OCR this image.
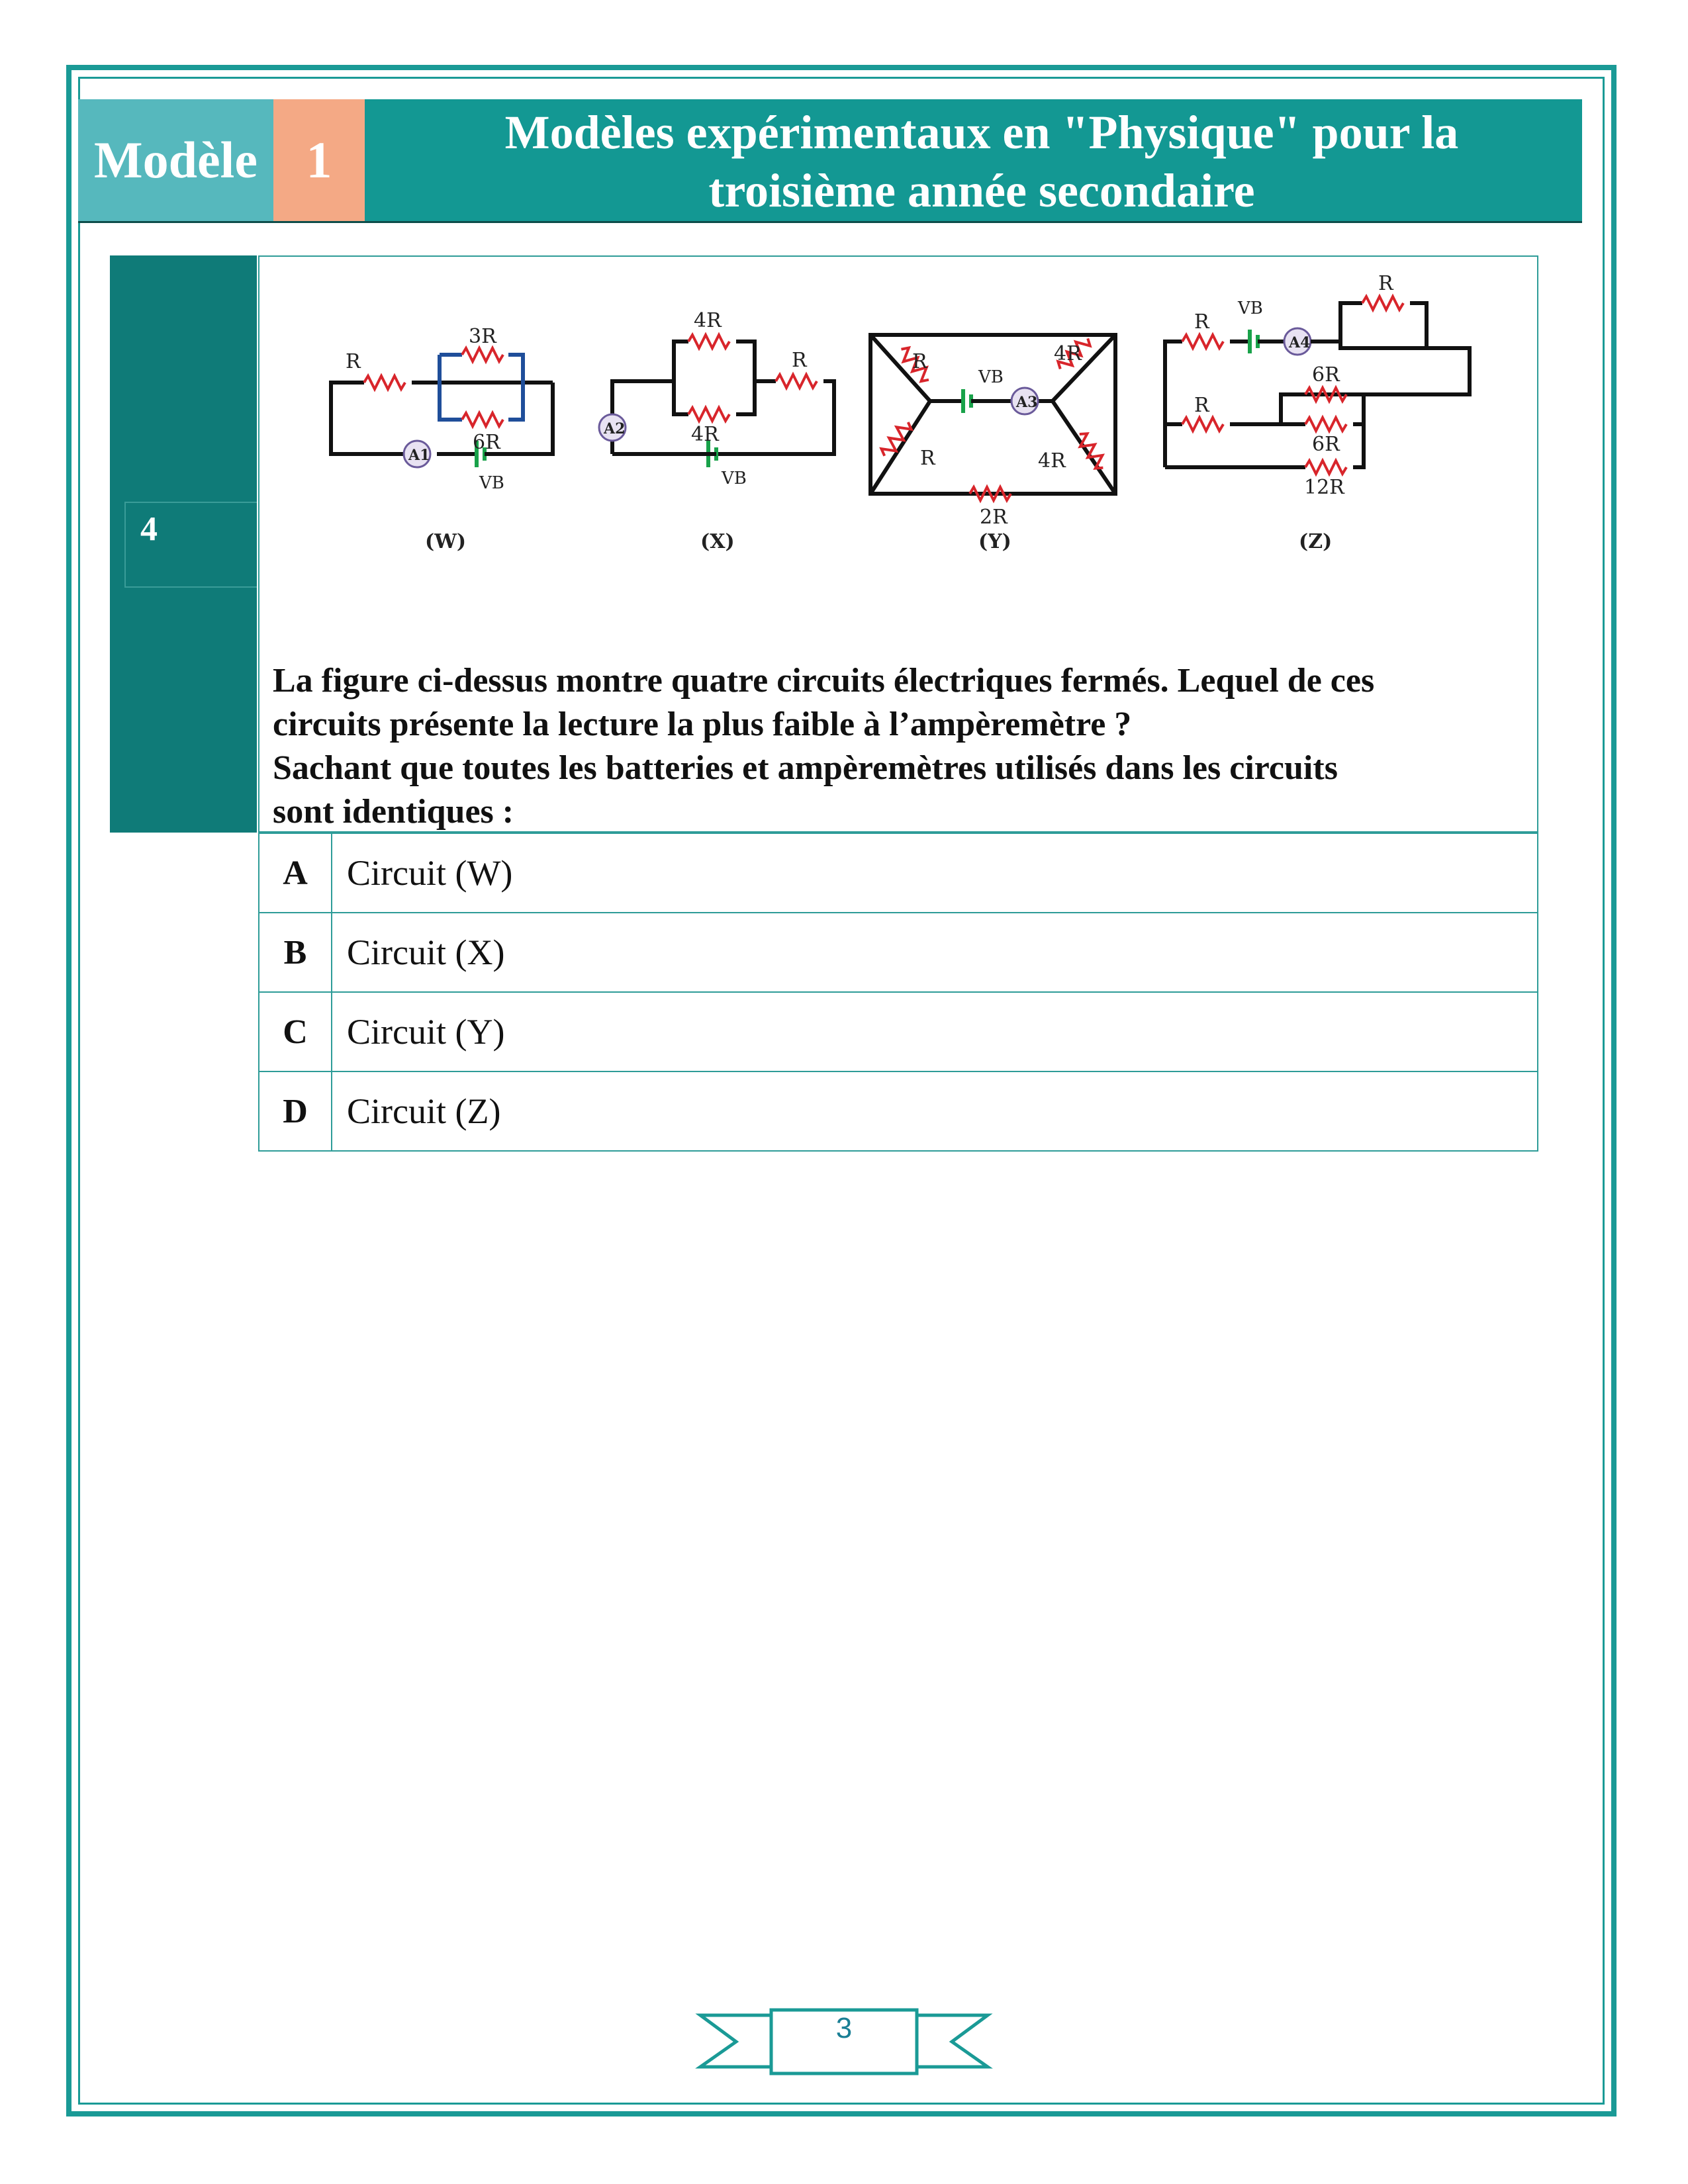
Modèle 1	Modèles expérimentaux en "Physique" pour la
troisième année secondaire
4
A1
R
3R
6R
VB
(W)
A2
4R
4R
R
VB
(X)
A3
R	4R
R	4R
2R
VB
(Y)
A4
R
R
R
6R
6R
12R
VB
(Z)
La figure ci-dessus montre quatre circuits électriques fermés. Lequel de ces
circuits présente la lecture la plus faible à l’ampèremètre ?
Sachant que toutes les batteries et ampèremètres utilisés dans les circuits
sont identiques :
A	Circuit (W)
B	Circuit (X)
C	Circuit (Y)
D	Circuit (Z)
3
